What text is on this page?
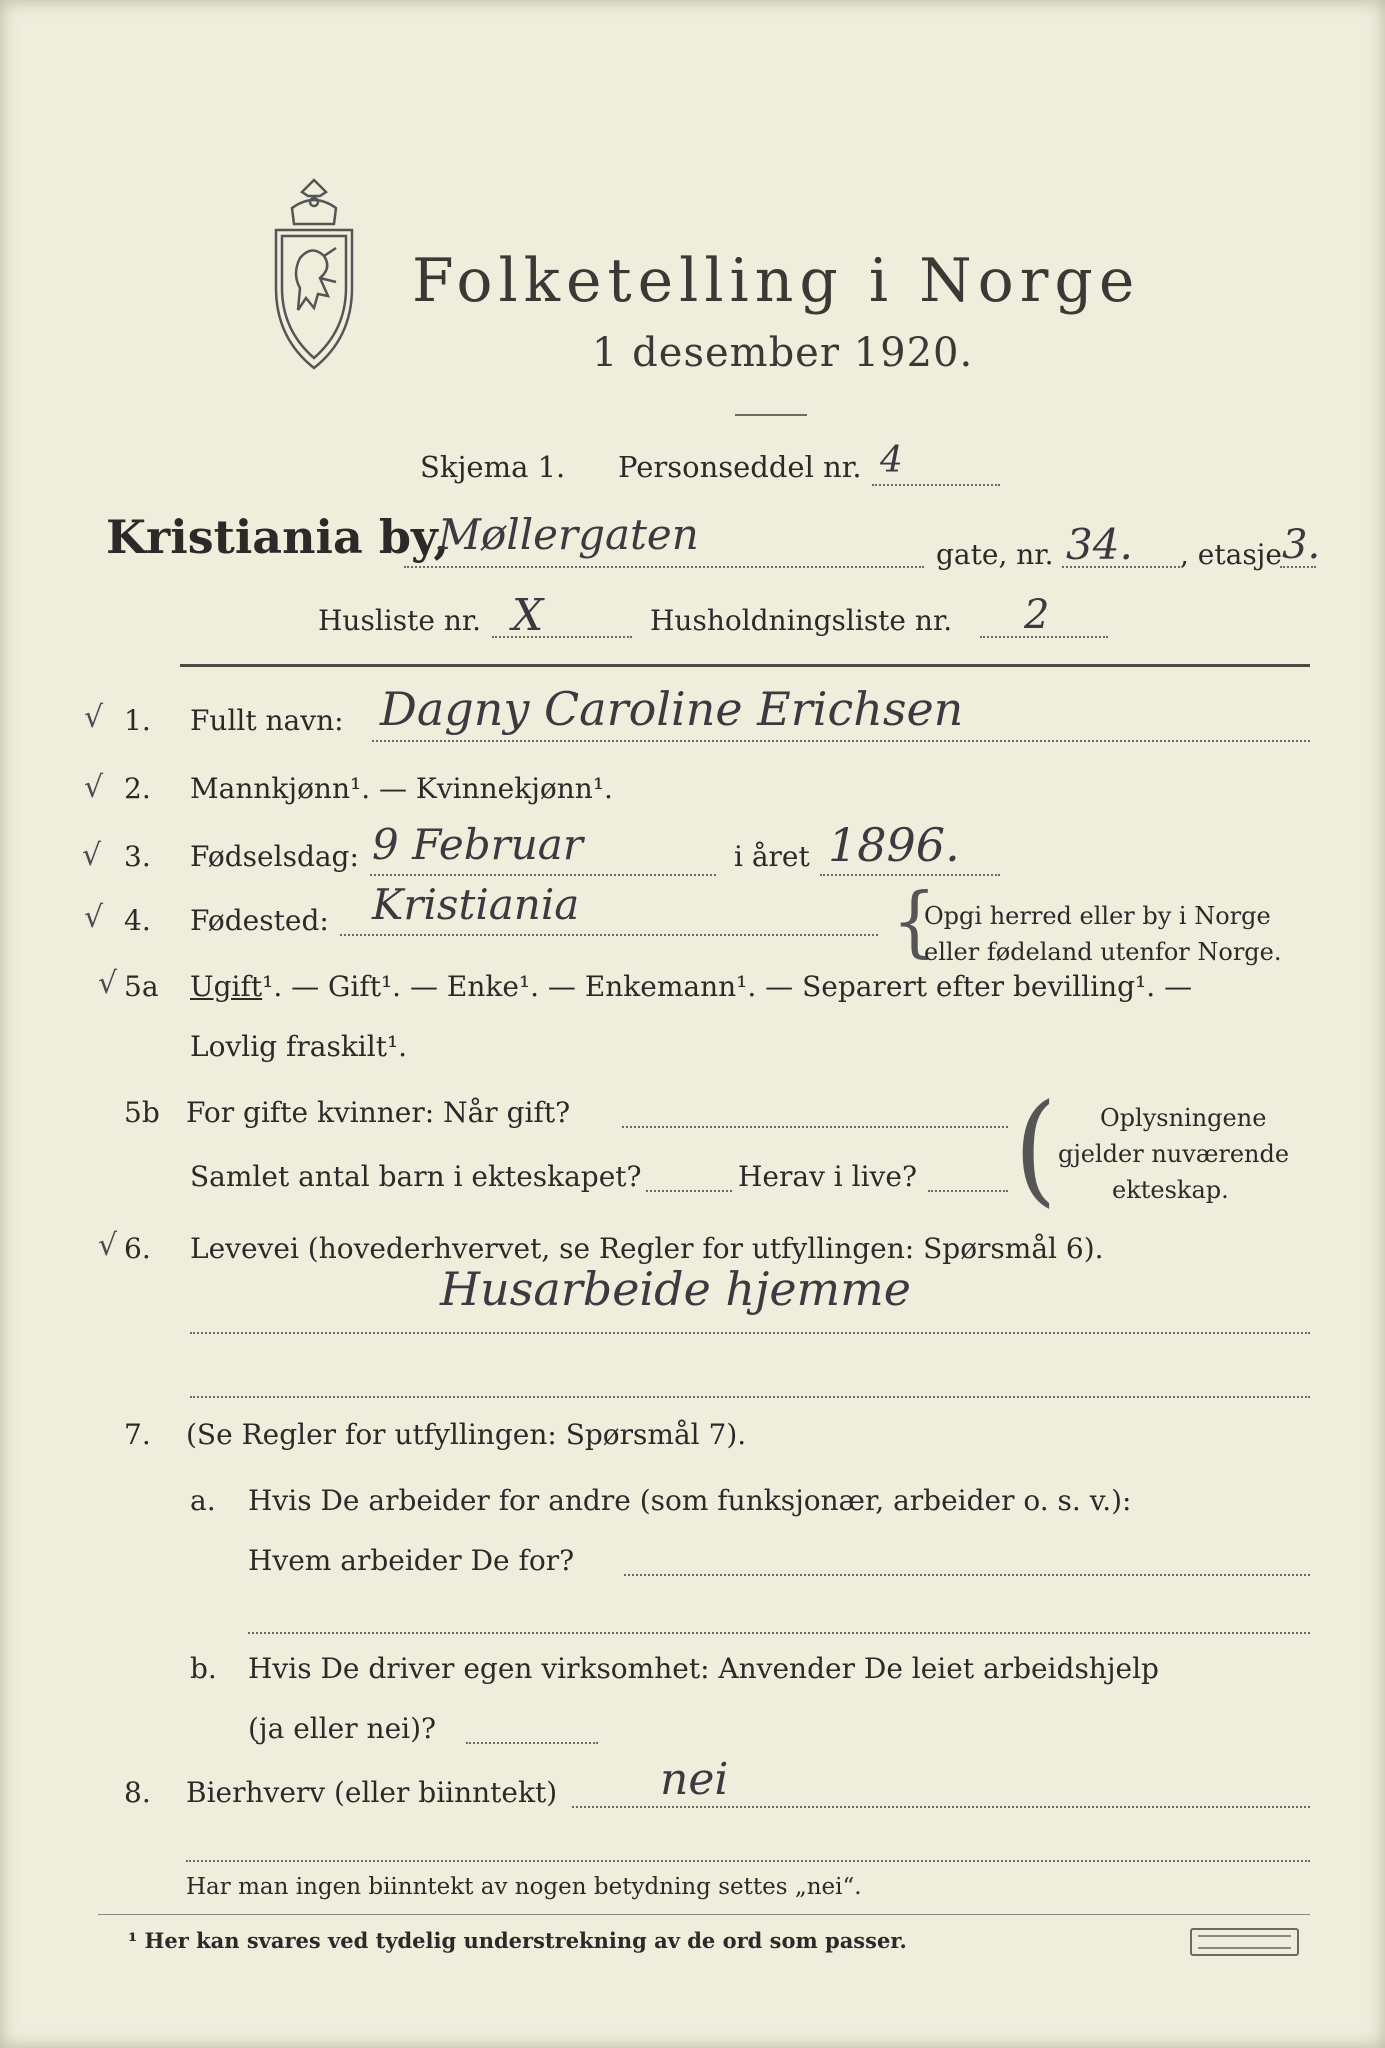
Folketelling i Norge
1 desember 1920.
Skjema 1. Personseddel nr. 4
Kristiania by,
Møllergaten	gate, nr. 34. , etasje 3.
Husliste nr. X	Husholdningsliste nr. 2
√ 1. Fullt navn: Dagny Caroline Erichsen
√ 2. Mannkjønn¹. — Kvinnekjønn¹.
√ 3. Fødselsdag: 9 Februar	i året 1896.
√ 4. Fødested: Kristiania	{
Opgi herred eller by i Norge
eller fødeland utenfor Norge.
√ 5a Ugift¹. — Gift¹. — Enke¹. — Enkemann¹. — Separert efter bevilling¹. —
Lovlig fraskilt¹.
5b For gifte kvinner: Når gift?
Samlet antal barn i ekteskapet?	Herav i live? ( Oplysningene
gjelder nuværende
ekteskap.
√ 6. Levevei (hovederhvervet, se Regler for utfyllingen: Spørsmål 6).
Husarbeide hjemme
7. (Se Regler for utfyllingen: Spørsmål 7).
a. Hvis De arbeider for andre (som funksjonær, arbeider o. s. v.):
Hvem arbeider De for?
b. Hvis De driver egen virksomhet: Anvender De leiet arbeidshjelp
(ja eller nei)?
8. Bierhverv (eller biinntekt) nei
Har man ingen biinntekt av nogen betydning settes „nei“.
¹ Her kan svares ved tydelig understrekning av de ord som passer.
